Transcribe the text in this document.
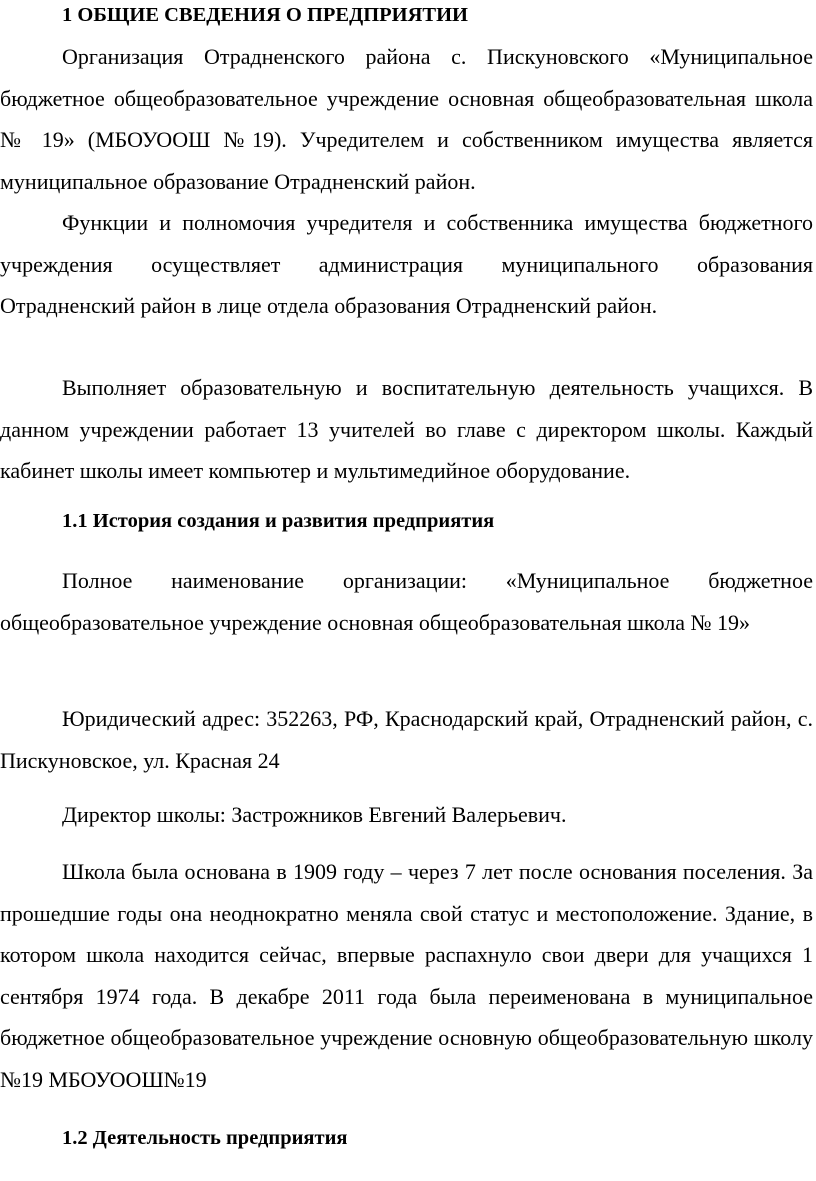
1 ОБЩИЕ СВЕДЕНИЯ О ПРЕДПРИЯТИИ

Организация Отрадненского района с. Пискуновского «Муниципальное бюджетное общеобразовательное учреждение основная общеобразовательная школа № 19» (МБОУООШ №19). Учредителем и собственником имущества является муниципальное образование Отрадненский район.

Функции и полномочия учредителя и собственника имущества бюджетного учреждения осуществляет администрация муниципального образования Отрадненский район в лице отдела образования Отрадненский район.

Выполняет образовательную и воспитательную деятельность учащихся. В данном учреждении работает 13 учителей во главе с директором школы. Каждый кабинет школы имеет компьютер и мультимедийное оборудование.

1.1 История создания и развития предприятия

Полное наименование организации: «Муниципальное бюджетное общеобразовательное учреждение основная общеобразовательная школа № 19»

Юридический адрес: 352263, РФ, Краснодарский край, Отрадненский район, с. Пискуновское, ул. Красная 24

Директор школы: Застрожников Евгений Валерьевич.

Школа была основана в 1909 году – через 7 лет после основания поселения. За прошедшие годы она неоднократно меняла свой статус и местоположение. Здание, в котором школа находится сейчас, впервые распахнуло свои двери для учащихся 1 сентября 1974 года. В декабре 2011 года была переименована в муниципальное бюджетное общеобразовательное учреждение основную общеобразовательную школу №19 МБОУООШ№19

1.2 Деятельность предприятия
